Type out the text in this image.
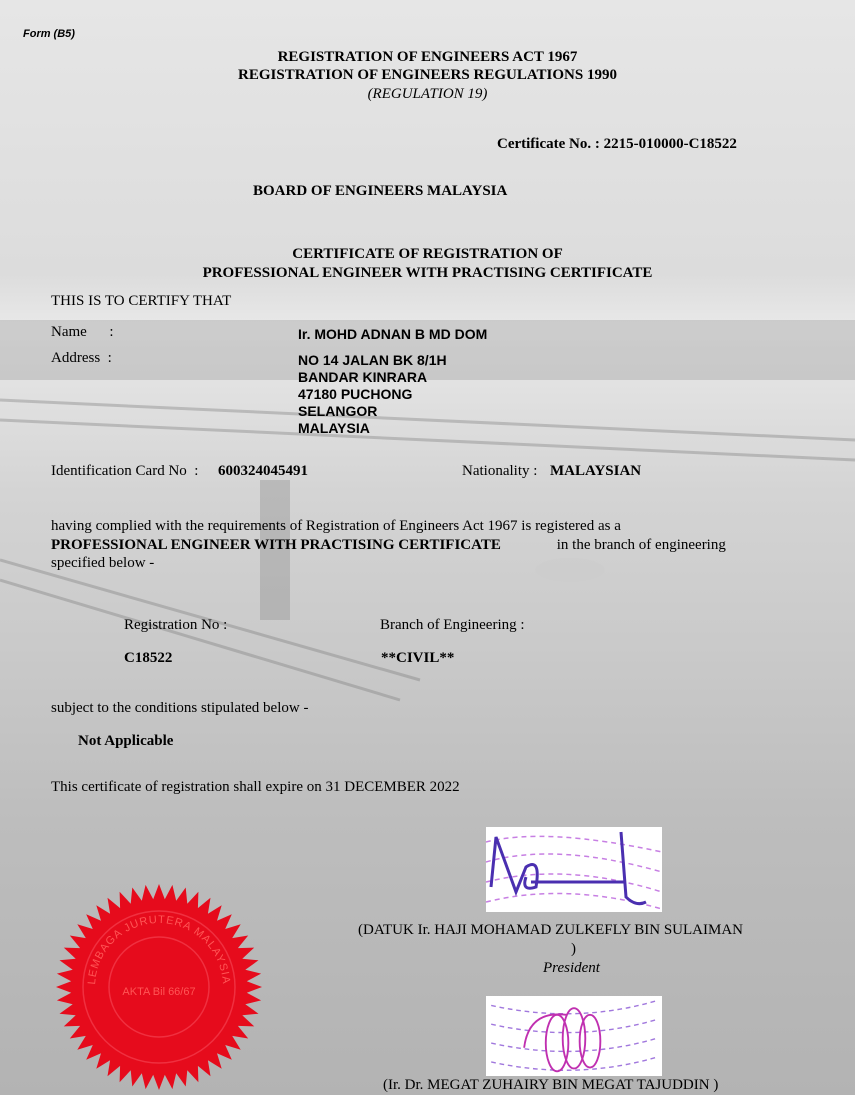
Form (B5)
REGISTRATION OF ENGINEERS ACT 1967
REGISTRATION OF ENGINEERS REGULATIONS 1990
(REGULATION 19)
Certificate No. : 2215-010000-C18522
BOARD OF ENGINEERS MALAYSIA
CERTIFICATE OF REGISTRATION OF
PROFESSIONAL ENGINEER WITH PRACTISING CERTIFICATE
THIS IS TO CERTIFY THAT
Name      :	Ir. MOHD ADNAN B MD DOM
Address  :	NO 14 JALAN BK 8/1H
BANDAR KINRARA
47180 PUCHONG
SELANGOR
MALAYSIA
Identification Card No  : 600324045491	Nationality : MALAYSIAN
having complied with the requirements of Registration of Engineers Act 1967 is registered as a
PROFESSIONAL ENGINEER WITH PRACTISING CERTIFICATE	in the branch of engineering
specified below -
Registration No :	Branch of Engineering :
C18522	**CIVIL**
subject to the conditions stipulated below -
Not Applicable
This certificate of registration shall expire on 31 DECEMBER 2022
(DATUK Ir. HAJI MOHAMAD ZULKEFLY BIN SULAIMAN
)
President
(Ir. Dr. MEGAT ZUHAIRY BIN MEGAT TAJUDDIN )
LEMBAGA JURUTERA MALAYSIA
AKTA Bil 66/67
